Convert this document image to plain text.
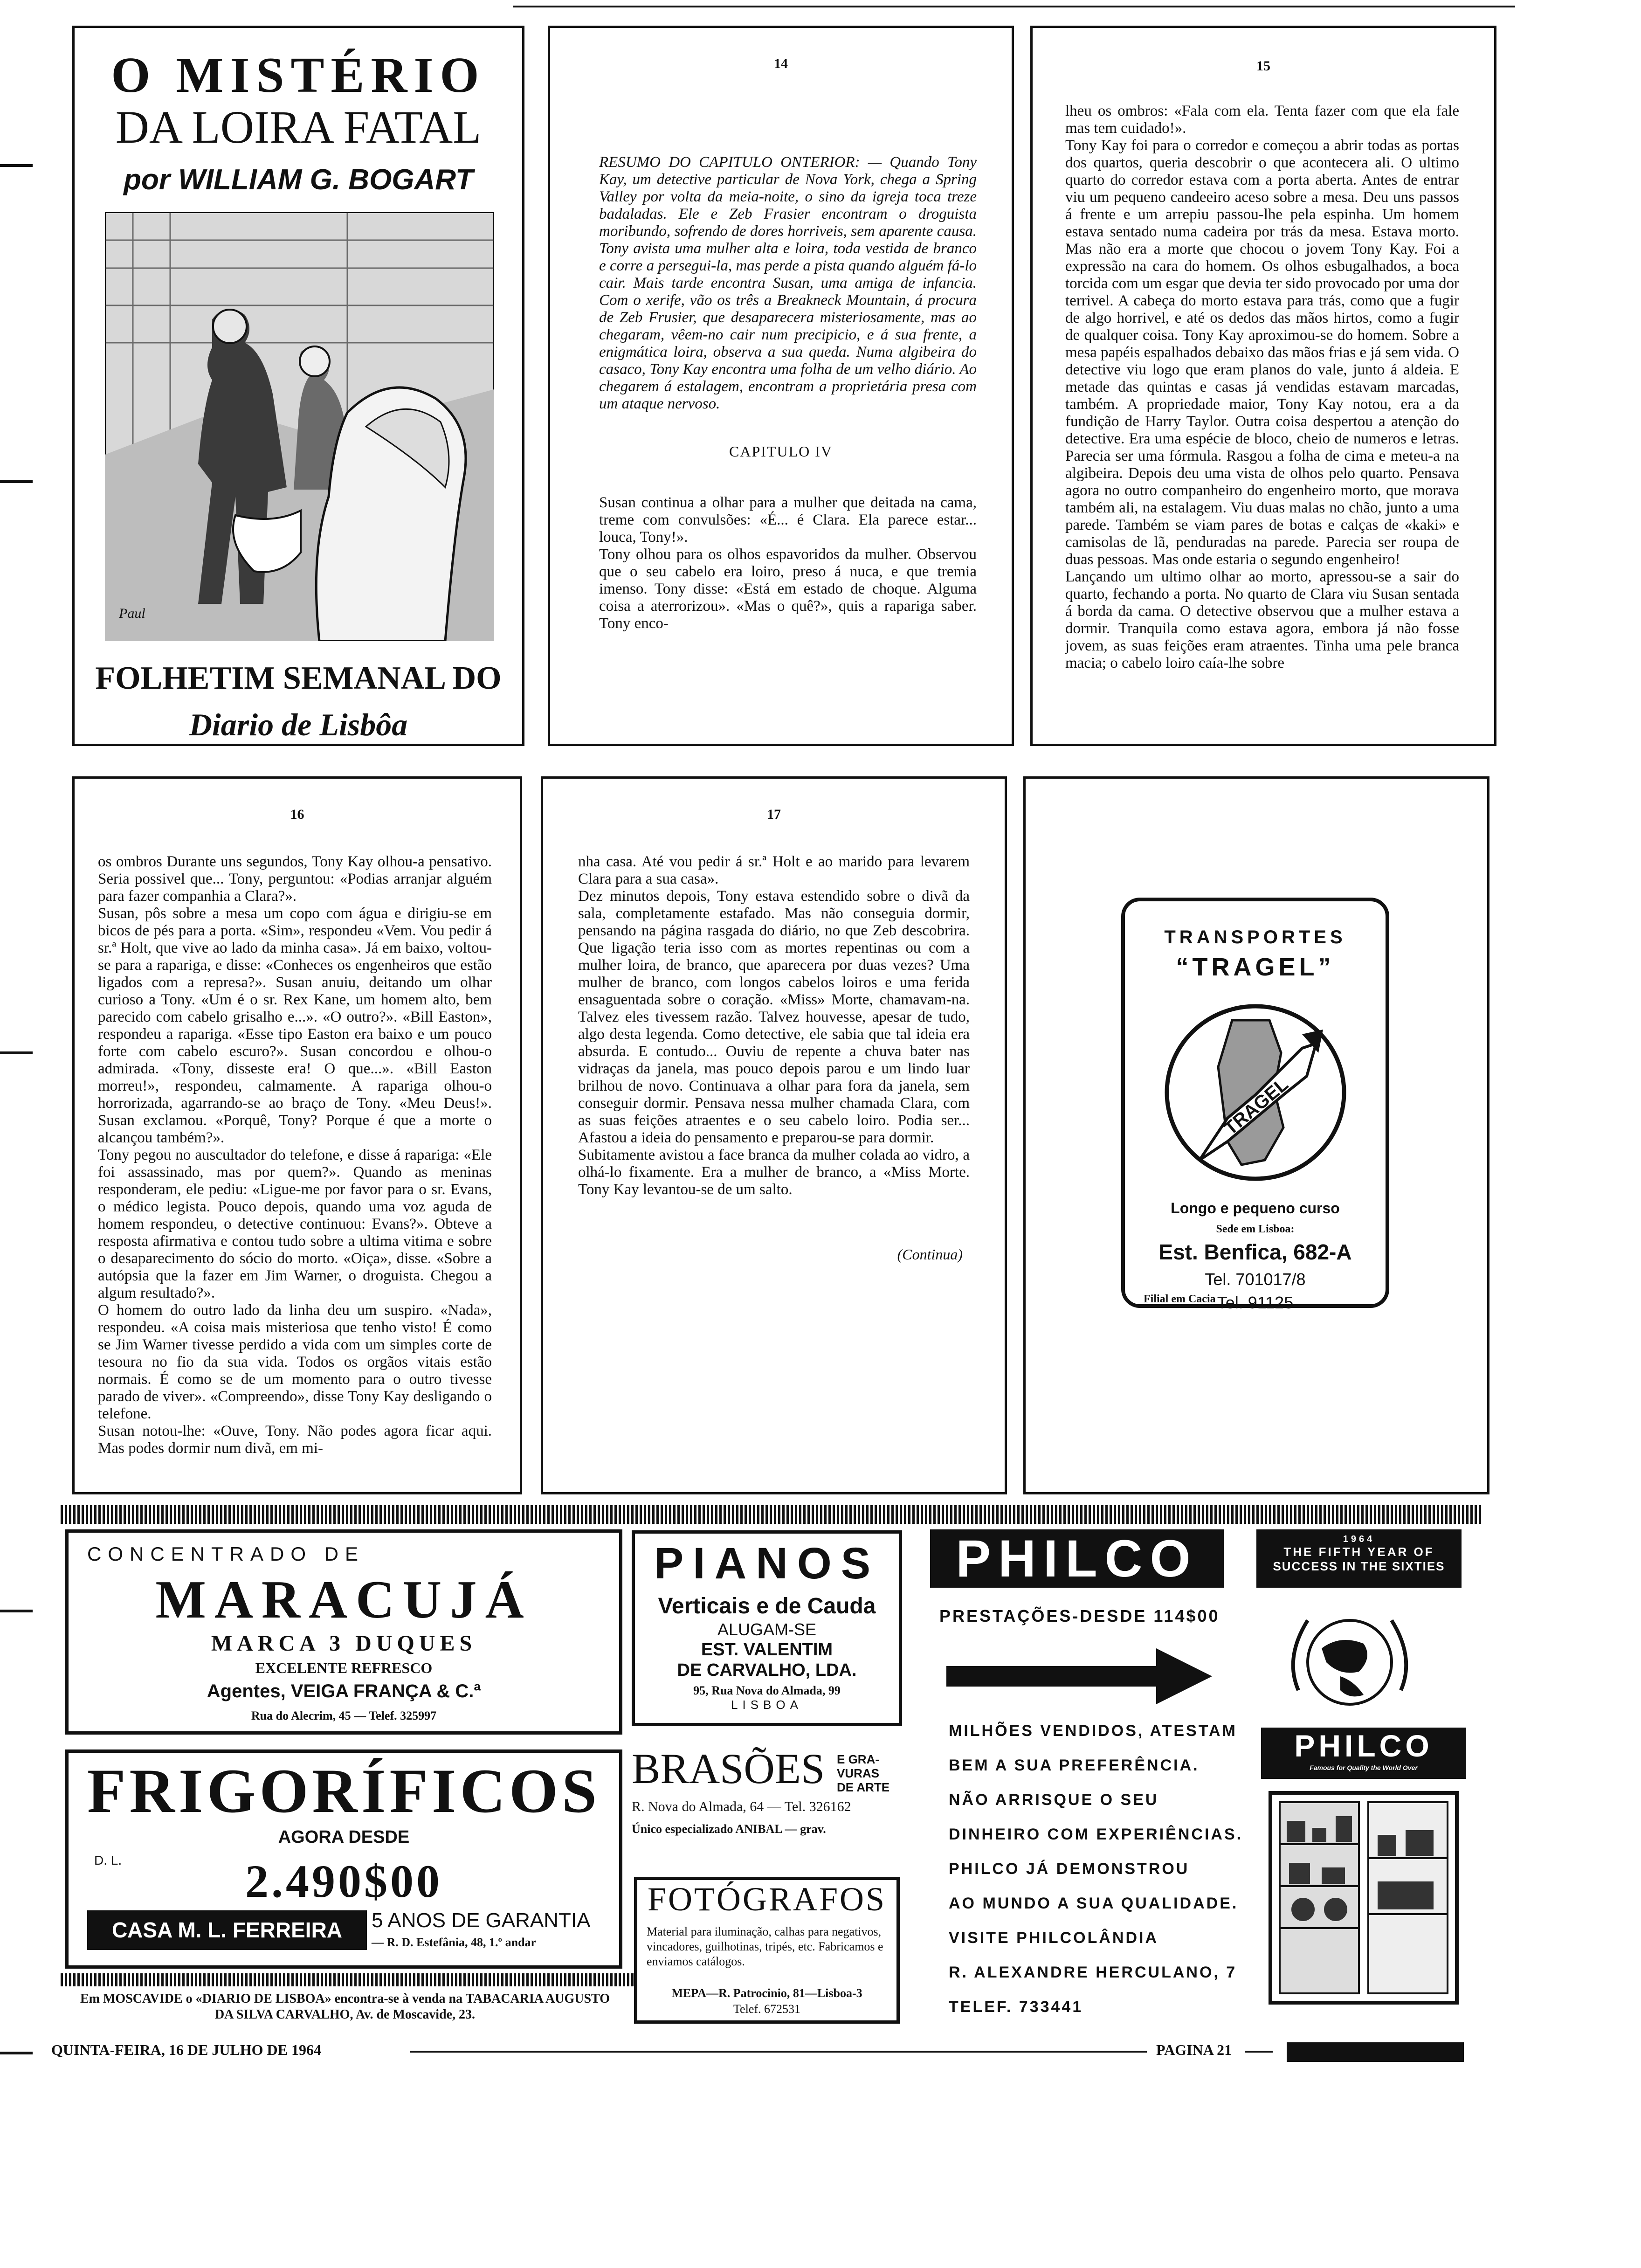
O MISTÉRIO
DA LOIRA FATAL
por WILLIAM G. BOGART
Paul
FOLHETIM SEMANAL DO
Diario de Lisbôa
14
RESUMO DO CAPITULO ONTERIOR: — Quando Tony Kay, um detective particular de Nova York, chega a Spring Valley por volta da meia-noite, o sino da igreja toca treze badaladas. Ele e Zeb Frasier encontram o droguista moribundo, sofrendo de dores horriveis, sem aparente causa. Tony avista uma mulher alta e loira, toda vestida de branco e corre a persegui-la, mas perde a pista quando alguém fá-lo cair. Mais tarde encontra Susan, uma amiga de infancia. Com o xerife, vão os três a Breakneck Mountain, á procura de Zeb Frusier, que desaparecera misteriosamente, mas ao chegaram, vêem-no cair num precipicio, e á sua frente, a enigmática loira, observa a sua queda. Numa algibeira do casaco, Tony Kay encontra uma folha de um velho diário. Ao chegarem á estalagem, encontram a proprietária presa com um ataque nervoso.
CAPITULO IV
Susan continua a olhar para a mulher que deitada na cama, treme com convulsões: «É... é Clara. Ela parece estar... louca, Tony!».
Tony olhou para os olhos espavoridos da mulher. Observou que o seu cabelo era loiro, preso á nuca, e que tremia imenso. Tony disse: «Está em estado de choque. Alguma coisa a aterrorizou». «Mas o quê?», quis a rapariga saber. Tony enco-
15
lheu os ombros: «Fala com ela. Tenta fazer com que ela fale mas tem cuidado!».
Tony Kay foi para o corredor e começou a abrir todas as portas dos quartos, queria descobrir o que acontecera ali. O ultimo quarto do corredor estava com a porta aberta. Antes de entrar viu um pequeno candeeiro aceso sobre a mesa. Deu uns passos á frente e um arrepiu passou-lhe pela espinha. Um homem estava sentado numa cadeira por trás da mesa. Estava morto. Mas não era a morte que chocou o jovem Tony Kay. Foi a expressão na cara do homem. Os olhos esbugalhados, a boca torcida com um esgar que devia ter sido provocado por uma dor terrivel. A cabeça do morto estava para trás, como que a fugir de algo horrivel, e até os dedos das mãos hirtos, como a fugir de qualquer coisa. Tony Kay aproximou-se do homem. Sobre a mesa papéis espalhados debaixo das mãos frias e já sem vida. O detective viu logo que eram planos do vale, junto á aldeia. E metade das quintas e casas já vendidas estavam marcadas, também. A propriedade maior, Tony Kay notou, era a da fundição de Harry Taylor. Outra coisa despertou a atenção do detective. Era uma espécie de bloco, cheio de numeros e letras. Parecia ser uma fórmula. Rasgou a folha de cima e meteu-a na algibeira. Depois deu uma vista de olhos pelo quarto. Pensava agora no outro companheiro do engenheiro morto, que morava também ali, na estalagem. Viu duas malas no chão, junto a uma parede. Também se viam pares de botas e calças de «kaki» e camisolas de lã, penduradas na parede. Parecia ser roupa de duas pessoas. Mas onde estaria o segundo engenheiro!
Lançando um ultimo olhar ao morto, apressou-se a sair do quarto, fechando a porta. No quarto de Clara viu Susan sentada á borda da cama. O detective observou que a mulher estava a dormir. Tranquila como estava agora, embora já não fosse jovem, as suas feições eram atraentes. Tinha uma pele branca macia; o cabelo loiro caía-lhe sobre
16
os ombros Durante uns segundos, Tony Kay olhou-a pensativo. Seria possivel que... Tony, perguntou: «Podias arranjar alguém para fazer companhia a Clara?».
Susan, pôs sobre a mesa um copo com água e dirigiu-se em bicos de pés para a porta. «Sim», respondeu «Vem. Vou pedir á sr.ª Holt, que vive ao lado da minha casa». Já em baixo, voltou-se para a rapariga, e disse: «Conheces os engenheiros que estão ligados com a represa?». Susan anuiu, deitando um olhar curioso a Tony. «Um é o sr. Rex Kane, um homem alto, bem parecido com cabelo grisalho e...». «O outro?». «Bill Easton», respondeu a rapariga. «Esse tipo Easton era baixo e um pouco forte com cabelo escuro?». Susan concordou e olhou-o admirada. «Tony, disseste era! O que...». «Bill Easton morreu!», respondeu, calmamente. A rapariga olhou-o horrorizada, agarrando-se ao braço de Tony. «Meu Deus!». Susan exclamou. «Porquê, Tony? Porque é que a morte o alcançou também?».
Tony pegou no auscultador do telefone, e disse á rapariga: «Ele foi assassinado, mas por quem?». Quando as meninas responderam, ele pediu: «Ligue-me por favor para o sr. Evans, o médico legista. Pouco depois, quando uma voz aguda de homem respondeu, o detective continuou: Evans?». Obteve a resposta afirmativa e contou tudo sobre a ultima vitima e sobre o desaparecimento do sócio do morto. «Oiça», disse. «Sobre a autópsia que la fazer em Jim Warner, o droguista. Chegou a algum resultado?».
O homem do outro lado da linha deu um suspiro. «Nada», respondeu. «A coisa mais misteriosa que tenho visto! É como se Jim Warner tivesse perdido a vida com um simples corte de tesoura no fio da sua vida. Todos os orgãos vitais estão normais. É como se de um momento para o outro tivesse parado de viver». «Compreendo», disse Tony Kay desligando o telefone.
Susan notou-lhe: «Ouve, Tony. Não podes agora ficar aqui. Mas podes dormir num divã, em mi-
17
nha casa. Até vou pedir á sr.ª Holt e ao marido para levarem Clara para a sua casa».
Dez minutos depois, Tony estava estendido sobre o divã da sala, completamente estafado. Mas não conseguia dormir, pensando na página rasgada do diário, no que Zeb descobrira. Que ligação teria isso com as mortes repentinas ou com a mulher loira, de branco, que aparecera por duas vezes? Uma mulher de branco, com longos cabelos loiros e uma ferida ensaguentada sobre o coração. «Miss» Morte, chamavam-na. Talvez eles tivessem razão. Talvez houvesse, apesar de tudo, algo desta legenda. Como detective, ele sabia que tal ideia era absurda. E contudo... Ouviu de repente a chuva bater nas vidraças da janela, mas pouco depois parou e um lindo luar brilhou de novo. Continuava a olhar para fora da janela, sem conseguir dormir. Pensava nessa mulher chamada Clara, com as suas feições atraentes e o seu cabelo loiro. Podia ser... Afastou a ideia do pensamento e preparou-se para dormir.
Subitamente avistou a face branca da mulher colada ao vidro, a olhá-lo fixamente. Era a mulher de branco, a «Miss Morte. Tony Kay levantou-se de um salto.
(Continua)
TRANSPORTES
“TRAGEL”
TRAGEL
Longo e pequeno curso
Sede em Lisboa:
Est. Benfica, 682-A
Tel. 701017/8
Filial em Cacia Tel. 91125
CONCENTRADO DE
MARACUJÁ
MARCA 3 DUQUES
EXCELENTE REFRESCO
Agentes, VEIGA FRANÇA & C.ª
Rua do Alecrim, 45 — Telef. 325997
PIANOS
Verticais e de Cauda
ALUGAM-SE
EST. VALENTIM
DE CARVALHO, LDA.
95, Rua Nova do Almada, 99
LISBOA
PHILCO	1964
THE FIFTH YEAR OF
SUCCESS IN THE SIXTIES
PRESTAÇÕES-DESDE 114$00
MILHÕES VENDIDOS, ATESTAM
BEM A SUA PREFERÊNCIA.
NÃO ARRISQUE O SEU
DINHEIRO COM EXPERIÊNCIAS.
PHILCO JÁ DEMONSTROU
AO MUNDO A SUA QUALIDADE.
VISITE PHILCOLÂNDIA
R. ALEXANDRE HERCULANO, 7
TELEF. 733441
PHILCO
Famous for Quality the World Over
FRIGORÍFICOS
AGORA DESDE
D. L.	2.490$00
CASA M. L. FERREIRA	5 ANOS DE GARANTIA
— R. D. Estefânia, 48, 1.º andar
BRASÕES E GRA-
VURAS
DE ARTE
R. Nova do Almada, 64 — Tel. 326162
Único especializado ANIBAL — grav.
FOTÓGRAFOS
Material para iluminação, calhas para negativos, vincadores, guilhotinas, tripés, etc. Fabricamos e enviamos catálogos.
MEPA—R. Patrocinio, 81—Lisboa-3
Telef. 672531
Em MOSCAVIDE o «DIARIO DE LISBOA» encontra-se à venda na TABACARIA AUGUSTO DA SILVA CARVALHO, Av. de Moscavide, 23.
QUINTA-FEIRA, 16 DE JULHO DE 1964	PAGINA 21
